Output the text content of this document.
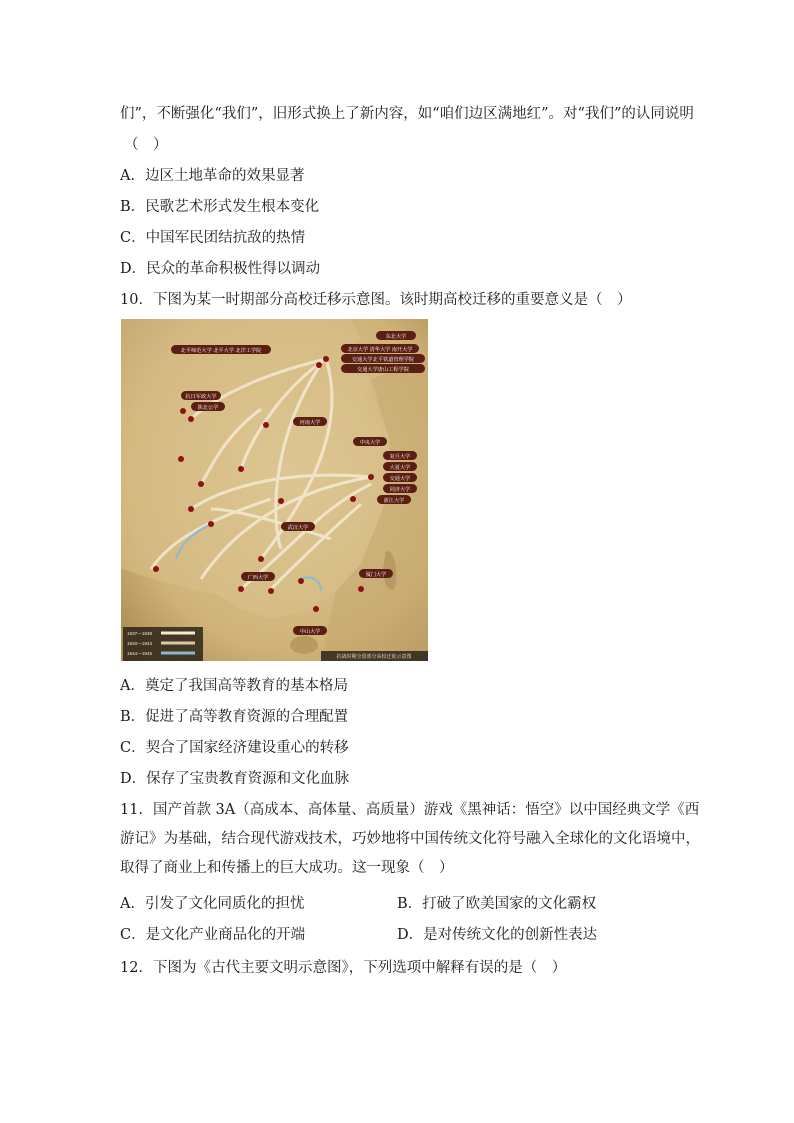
们”，不断强化“我们”，旧形式换上了新内容，如“咱们边区满地红”。对“我们”的认同说明
（　）
A．边区土地革命的效果显著
B．民歌艺术形式发生根本变化
C．中国军民团结抗敌的热情
D．民众的革命积极性得以调动
10．下图为某一时期部分高校迁移示意图。该时期高校迁移的重要意义是（　）
东北大学
北平师范大学 北平大学 北洋工学院	北京大学 清华大学 南开大学
交通大学北平铁道管理学院
交通大学唐山工程学院
抗日军政大学
陕北公学
河南大学
中央大学
复旦大学
大夏大学
交通大学
同济大学
浙江大学
武汉大学
广西大学	厦门大学
中山大学
1937—1938
1940—1943
1944—1945
抗战时期全国部分高校迁徙示意图
A．奠定了我国高等教育的基本格局
B．促进了高等教育资源的合理配置
C．契合了国家经济建设重心的转移
D．保存了宝贵教育资源和文化血脉
11．国产首款 3A（高成本、高体量、高质量）游戏《黑神话：悟空》以中国经典文学《西
游记》为基础，结合现代游戏技术，巧妙地将中国传统文化符号融入全球化的文化语境中，
取得了商业上和传播上的巨大成功。这一现象（　）
A．引发了文化同质化的担忧	B．打破了欧美国家的文化霸权
C．是文化产业商品化的开端	D．是对传统文化的创新性表达
12．下图为《古代主要文明示意图》，下列选项中解释有误的是（　）
